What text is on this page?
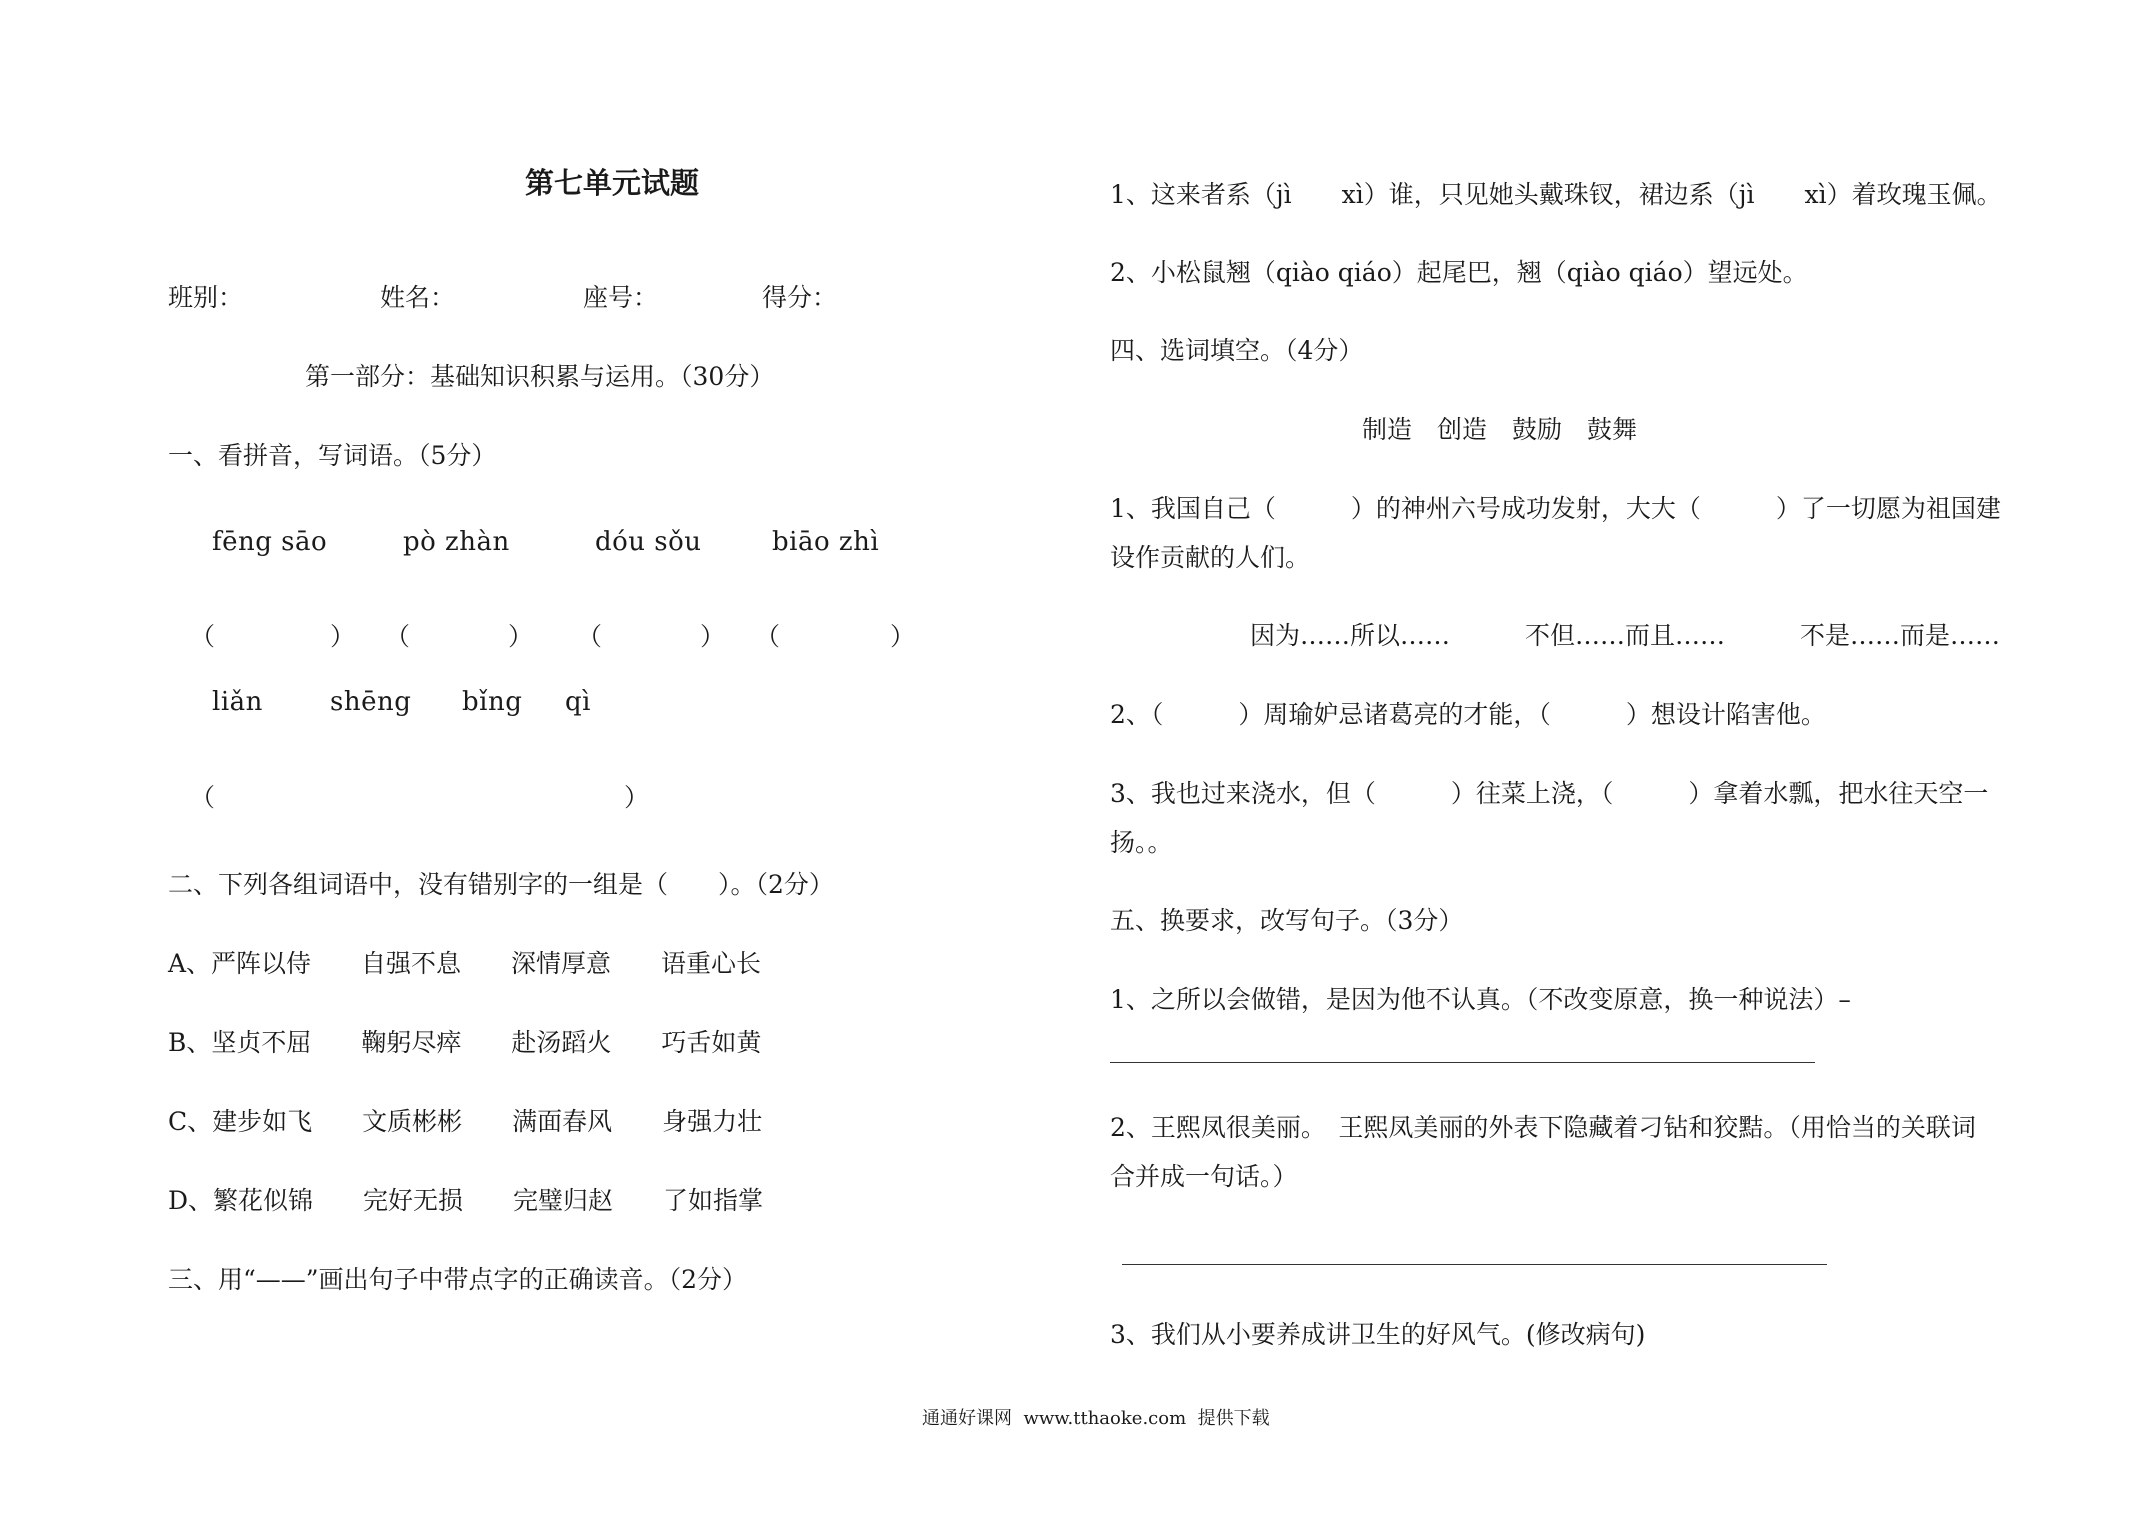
第七单元试题
班别：	姓名：	座号：	得分：
第一部分：基础知识积累与运用。（30分）
一、看拼音，写词语。（5分）
fēng sāo	pò zhàn	dóu sǒu	biāo zhì
（	） （	） （	） （	）
liǎn	shēng bǐng qì
（	）
二、下列各组词语中，没有错别字的一组是（　　）。（2分）
A、严阵以侍　　自强不息　　深情厚意　　语重心长
B、坚贞不屈　　鞠躬尽瘁　　赴汤蹈火　　巧舌如黄
C、建步如飞　　文质彬彬　　满面春风　　身强力壮
D、繁花似锦　　完好无损　　完璧归赵　　了如指掌
三、用“——”画出句子中带点字的正确读音。（2分）
1、这来者系（jì　　xì）谁，只见她头戴珠钗，裙边系（jì　　xì）着玫瑰玉佩。
2、小松鼠翘（qiào qiáo）起尾巴，翘（qiào qiáo）望远处。
四、选词填空。（4分）
制造　创造　鼓励　鼓舞
1、我国自己（　　　）的神州六号成功发射，大大（　　　）了一切愿为祖国建
设作贡献的人们。
因为……所以……　　　不但……而且……　　　不是……而是……
2、（　　　）周瑜妒忌诸葛亮的才能，（　　　）想设计陷害他。
3、我也过来浇水，但（　　　）往菜上浇，（　　　）拿着水瓢，把水往天空一
扬。。
五、换要求，改写句子。（3分）
1、之所以会做错，是因为他不认真。（不改变原意，换一种说法）–
2、王熙凤很美丽。　王熙凤美丽的外表下隐藏着刁钻和狡黠。（用恰当的关联词
合并成一句话。）
3、我们从小要养成讲卫生的好风气。(修改病句)
通通好课网  www.tthaoke.com  提供下载
